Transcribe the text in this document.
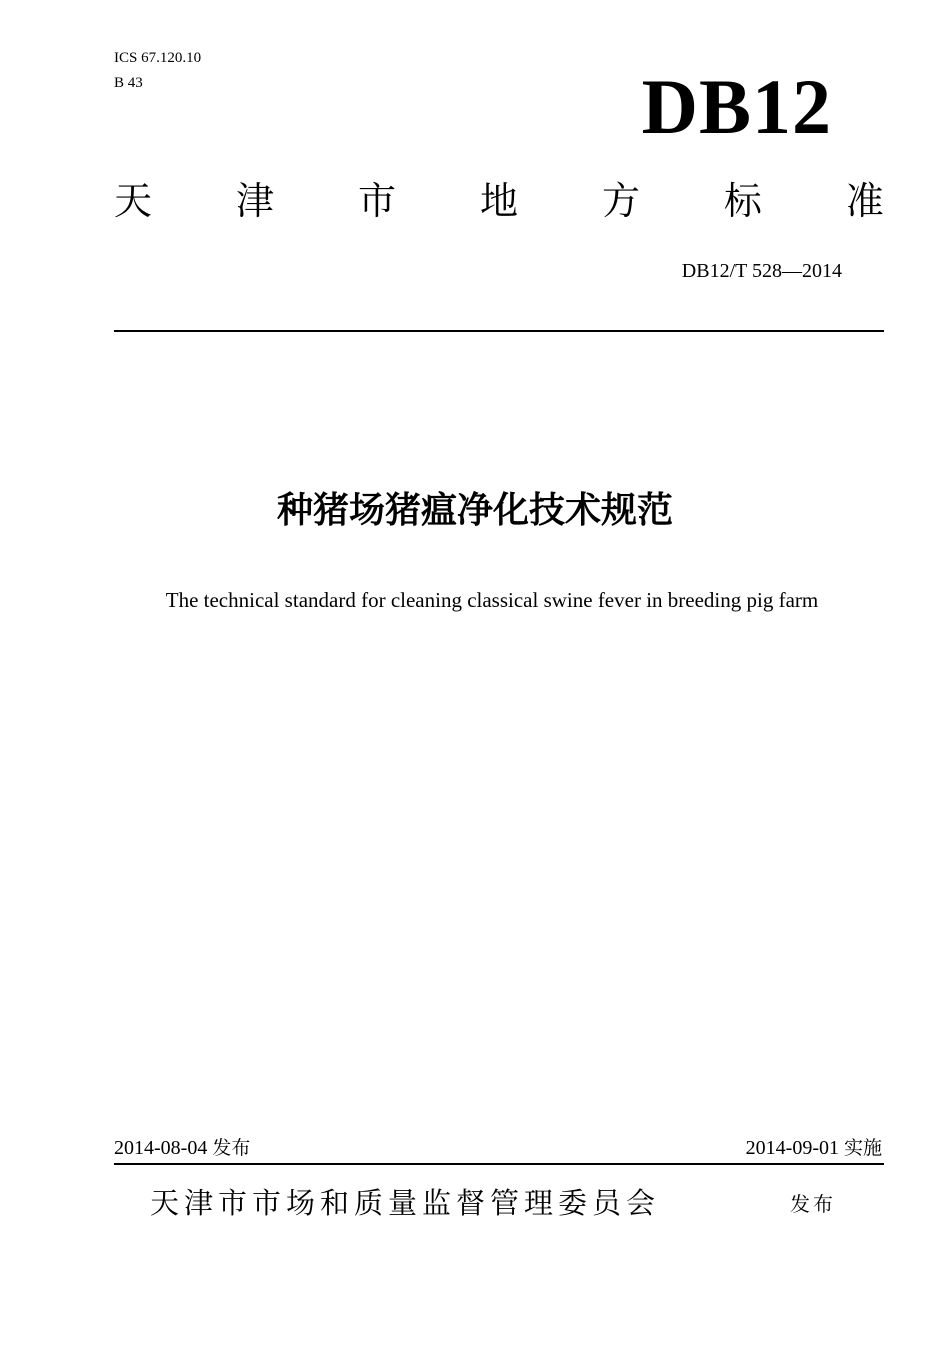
ICS 67.120.10
B 43	DB12
天 津 市 地 方 标 准
DB12/T 528—2014
种猪场猪瘟净化技术规范
The technical standard for cleaning classical swine fever in breeding pig farm
2014-08-04 发布	2014-09-01 实施
天津市市场和质量监督管理委员会	发布
